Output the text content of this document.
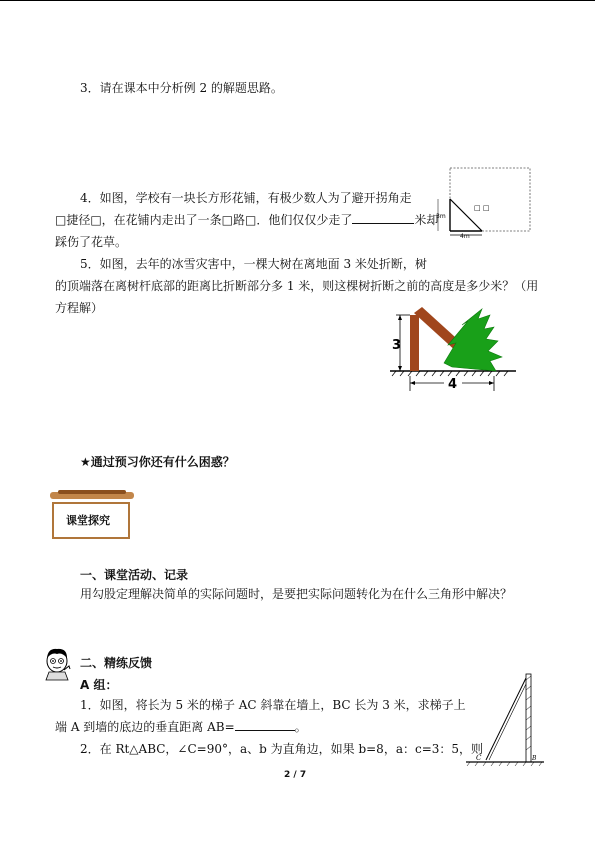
3．请在课本中分析例 2 的解题思路。
4．如图，学校有一块长方形花铺，有极少数人为了避开拐角走
□捷径□，在花铺内走出了一条□路□．他们仅仅少走了	米却
踩伤了花草。
3m
4m
□ □
5．如图，去年的冰雪灾害中，一棵大树在离地面 3 米处折断，树
的顶端落在离树杆底部的距离比折断部分多 1 米，则这棵树折断之前的高度是多少米？（用
方程解）
3
4
★通过预习你还有什么困惑？
课堂探究
一、课堂活动、记录
用勾股定理解决简单的实际问题时，是要把实际问题转化为在什么三角形中解决？
二、精练反馈
A 组：
1．如图，将长为 5 米的梯子 AC 斜靠在墙上，BC 长为 3 米，求梯子上
端 A 到墙的底边的垂直距离 AB=	。
2．在 Rt△ABC，∠C=90°，a、b 为直角边，如果 b=8，a：c=3：5，则
C	B
2 / 7
